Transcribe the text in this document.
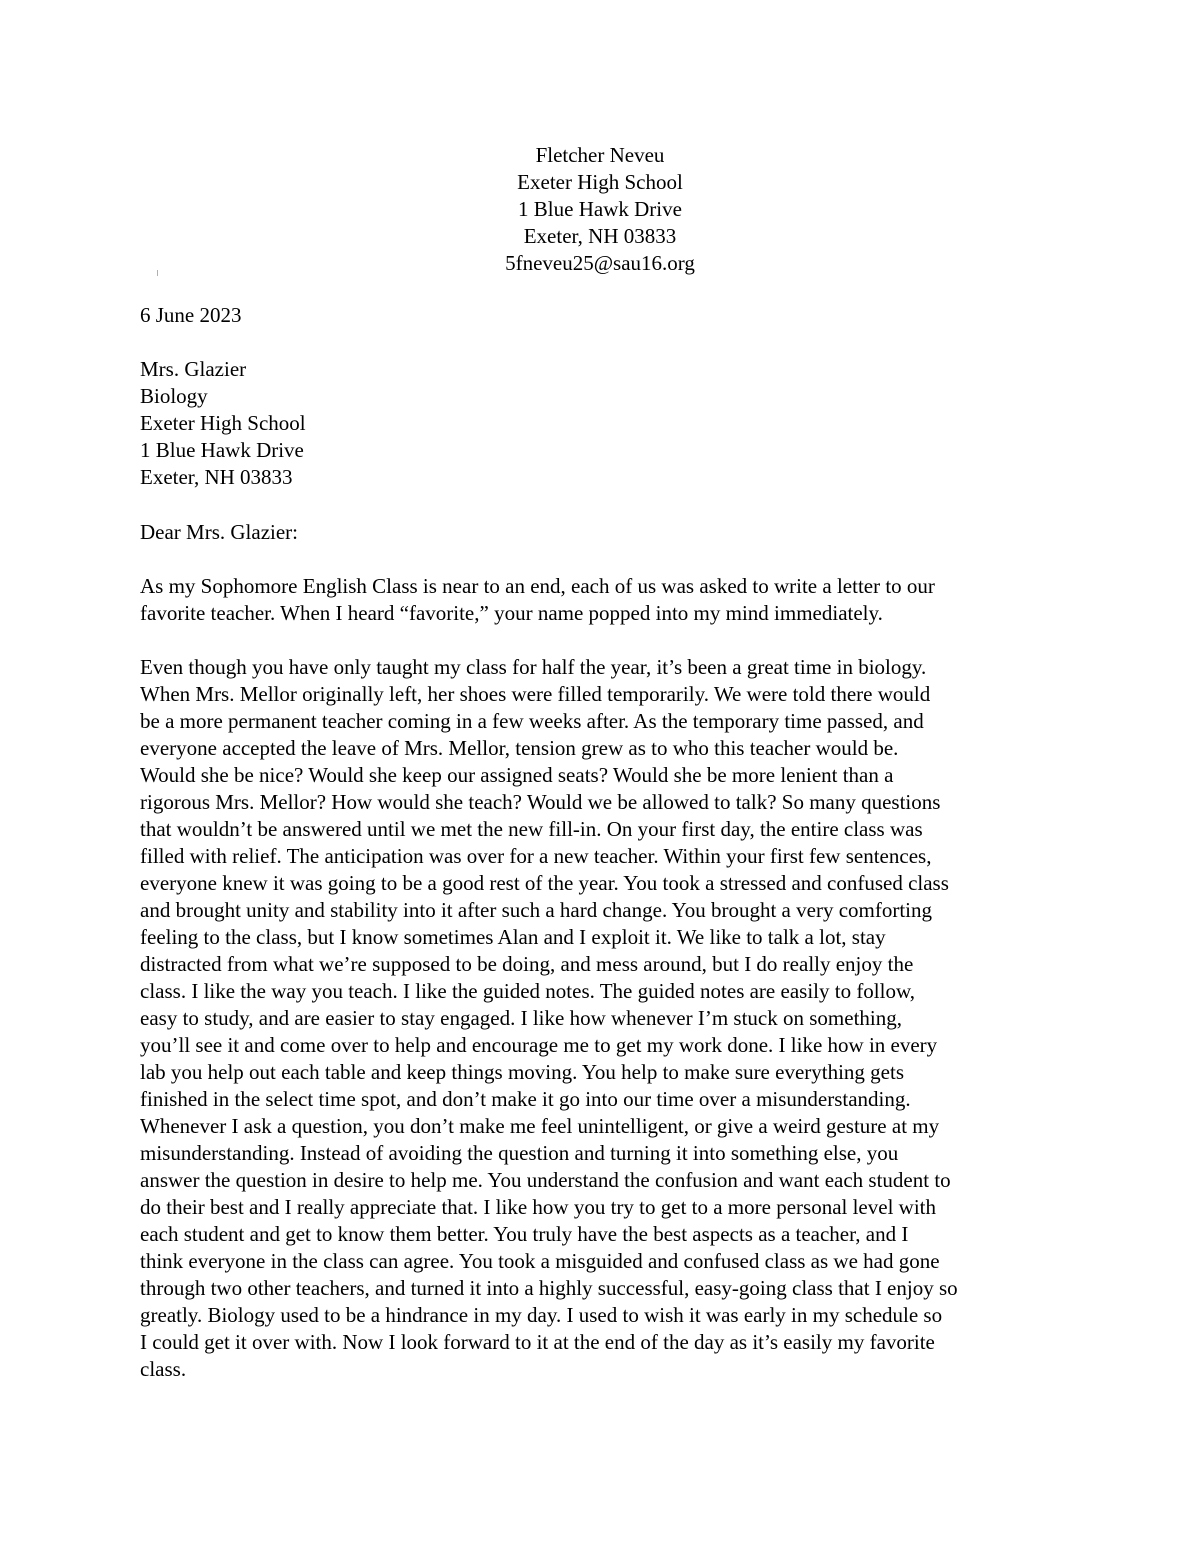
Fletcher Neveu
Exeter High School
1 Blue Hawk Drive
Exeter, NH 03833
5fneveu25@sau16.org
6 June 2023
Mrs. Glazier
Biology
Exeter High School
1 Blue Hawk Drive
Exeter, NH 03833
Dear Mrs. Glazier:
As my Sophomore English Class is near to an end, each of us was asked to write a letter to our
favorite teacher. When I heard “favorite,” your name popped into my mind immediately.
Even though you have only taught my class for half the year, it’s been a great time in biology.
When Mrs. Mellor originally left, her shoes were filled temporarily. We were told there would
be a more permanent teacher coming in a few weeks after. As the temporary time passed, and
everyone accepted the leave of Mrs. Mellor, tension grew as to who this teacher would be.
Would she be nice? Would she keep our assigned seats? Would she be more lenient than a
rigorous Mrs. Mellor? How would she teach? Would we be allowed to talk? So many questions
that wouldn’t be answered until we met the new fill-in. On your first day, the entire class was
filled with relief. The anticipation was over for a new teacher. Within your first few sentences,
everyone knew it was going to be a good rest of the year. You took a stressed and confused class
and brought unity and stability into it after such a hard change. You brought a very comforting
feeling to the class, but I know sometimes Alan and I exploit it. We like to talk a lot, stay
distracted from what we’re supposed to be doing, and mess around, but I do really enjoy the
class. I like the way you teach. I like the guided notes. The guided notes are easily to follow,
easy to study, and are easier to stay engaged. I like how whenever I’m stuck on something,
you’ll see it and come over to help and encourage me to get my work done. I like how in every
lab you help out each table and keep things moving. You help to make sure everything gets
finished in the select time spot, and don’t make it go into our time over a misunderstanding.
Whenever I ask a question, you don’t make me feel unintelligent, or give a weird gesture at my
misunderstanding. Instead of avoiding the question and turning it into something else, you
answer the question in desire to help me. You understand the confusion and want each student to
do their best and I really appreciate that. I like how you try to get to a more personal level with
each student and get to know them better. You truly have the best aspects as a teacher, and I
think everyone in the class can agree. You took a misguided and confused class as we had gone
through two other teachers, and turned it into a highly successful, easy-going class that I enjoy so
greatly. Biology used to be a hindrance in my day. I used to wish it was early in my schedule so
I could get it over with. Now I look forward to it at the end of the day as it’s easily my favorite
class.
